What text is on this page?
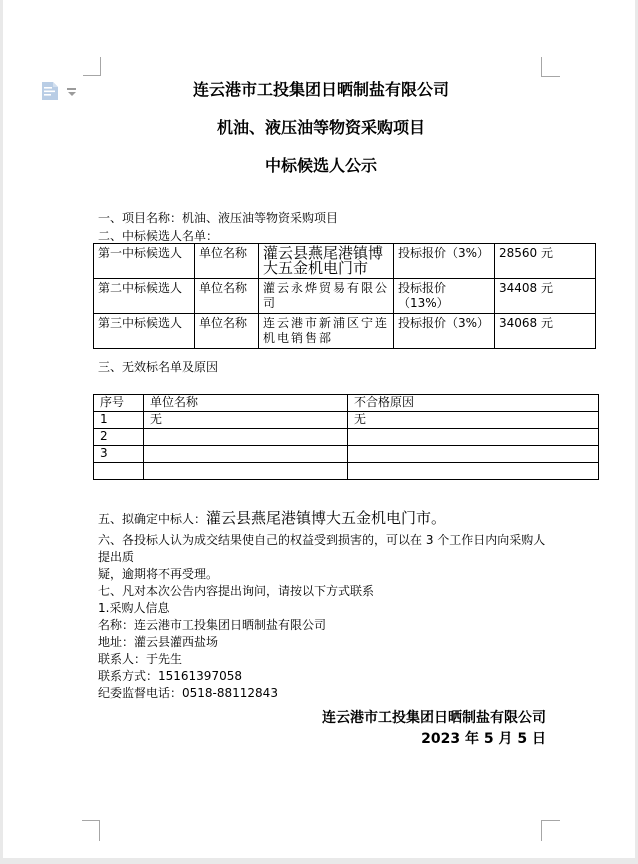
连云港市工投集团日晒制盐有限公司

机油、液压油等物资采购项目

中标候选人公示

一、项目名称：机油、液压油等物资采购项目

二、中标候选人名单：

第一中标候选人	单位名称	灌云县燕尾港镇博大五金机电门市	投标报价（3%）	28560 元
第二中标候选人	单位名称	灌云永烨贸易有限公司	投标报价（13%）	34408 元
第三中标候选人	单位名称	连云港市新浦区宁连机电销售部	投标报价（3%）	34068 元

三、无效标名单及原因

序号	单位名称	不合格原因
1	无	无
2		
3		

五、拟确定中标人：灌云县燕尾港镇博大五金机电门市。

六、各投标人认为成交结果使自己的权益受到损害的，可以在 3 个工作日内向采购人提出质

疑，逾期将不再受理。

七、凡对本次公告内容提出询问，请按以下方式联系

1.采购人信息

名称：连云港市工投集团日晒制盐有限公司

地址：灌云县灌西盐场

联系人：于先生

联系方式：15161397058

纪委监督电话：0518-88112843

连云港市工投集团日晒制盐有限公司

2023 年 5 月 5 日
